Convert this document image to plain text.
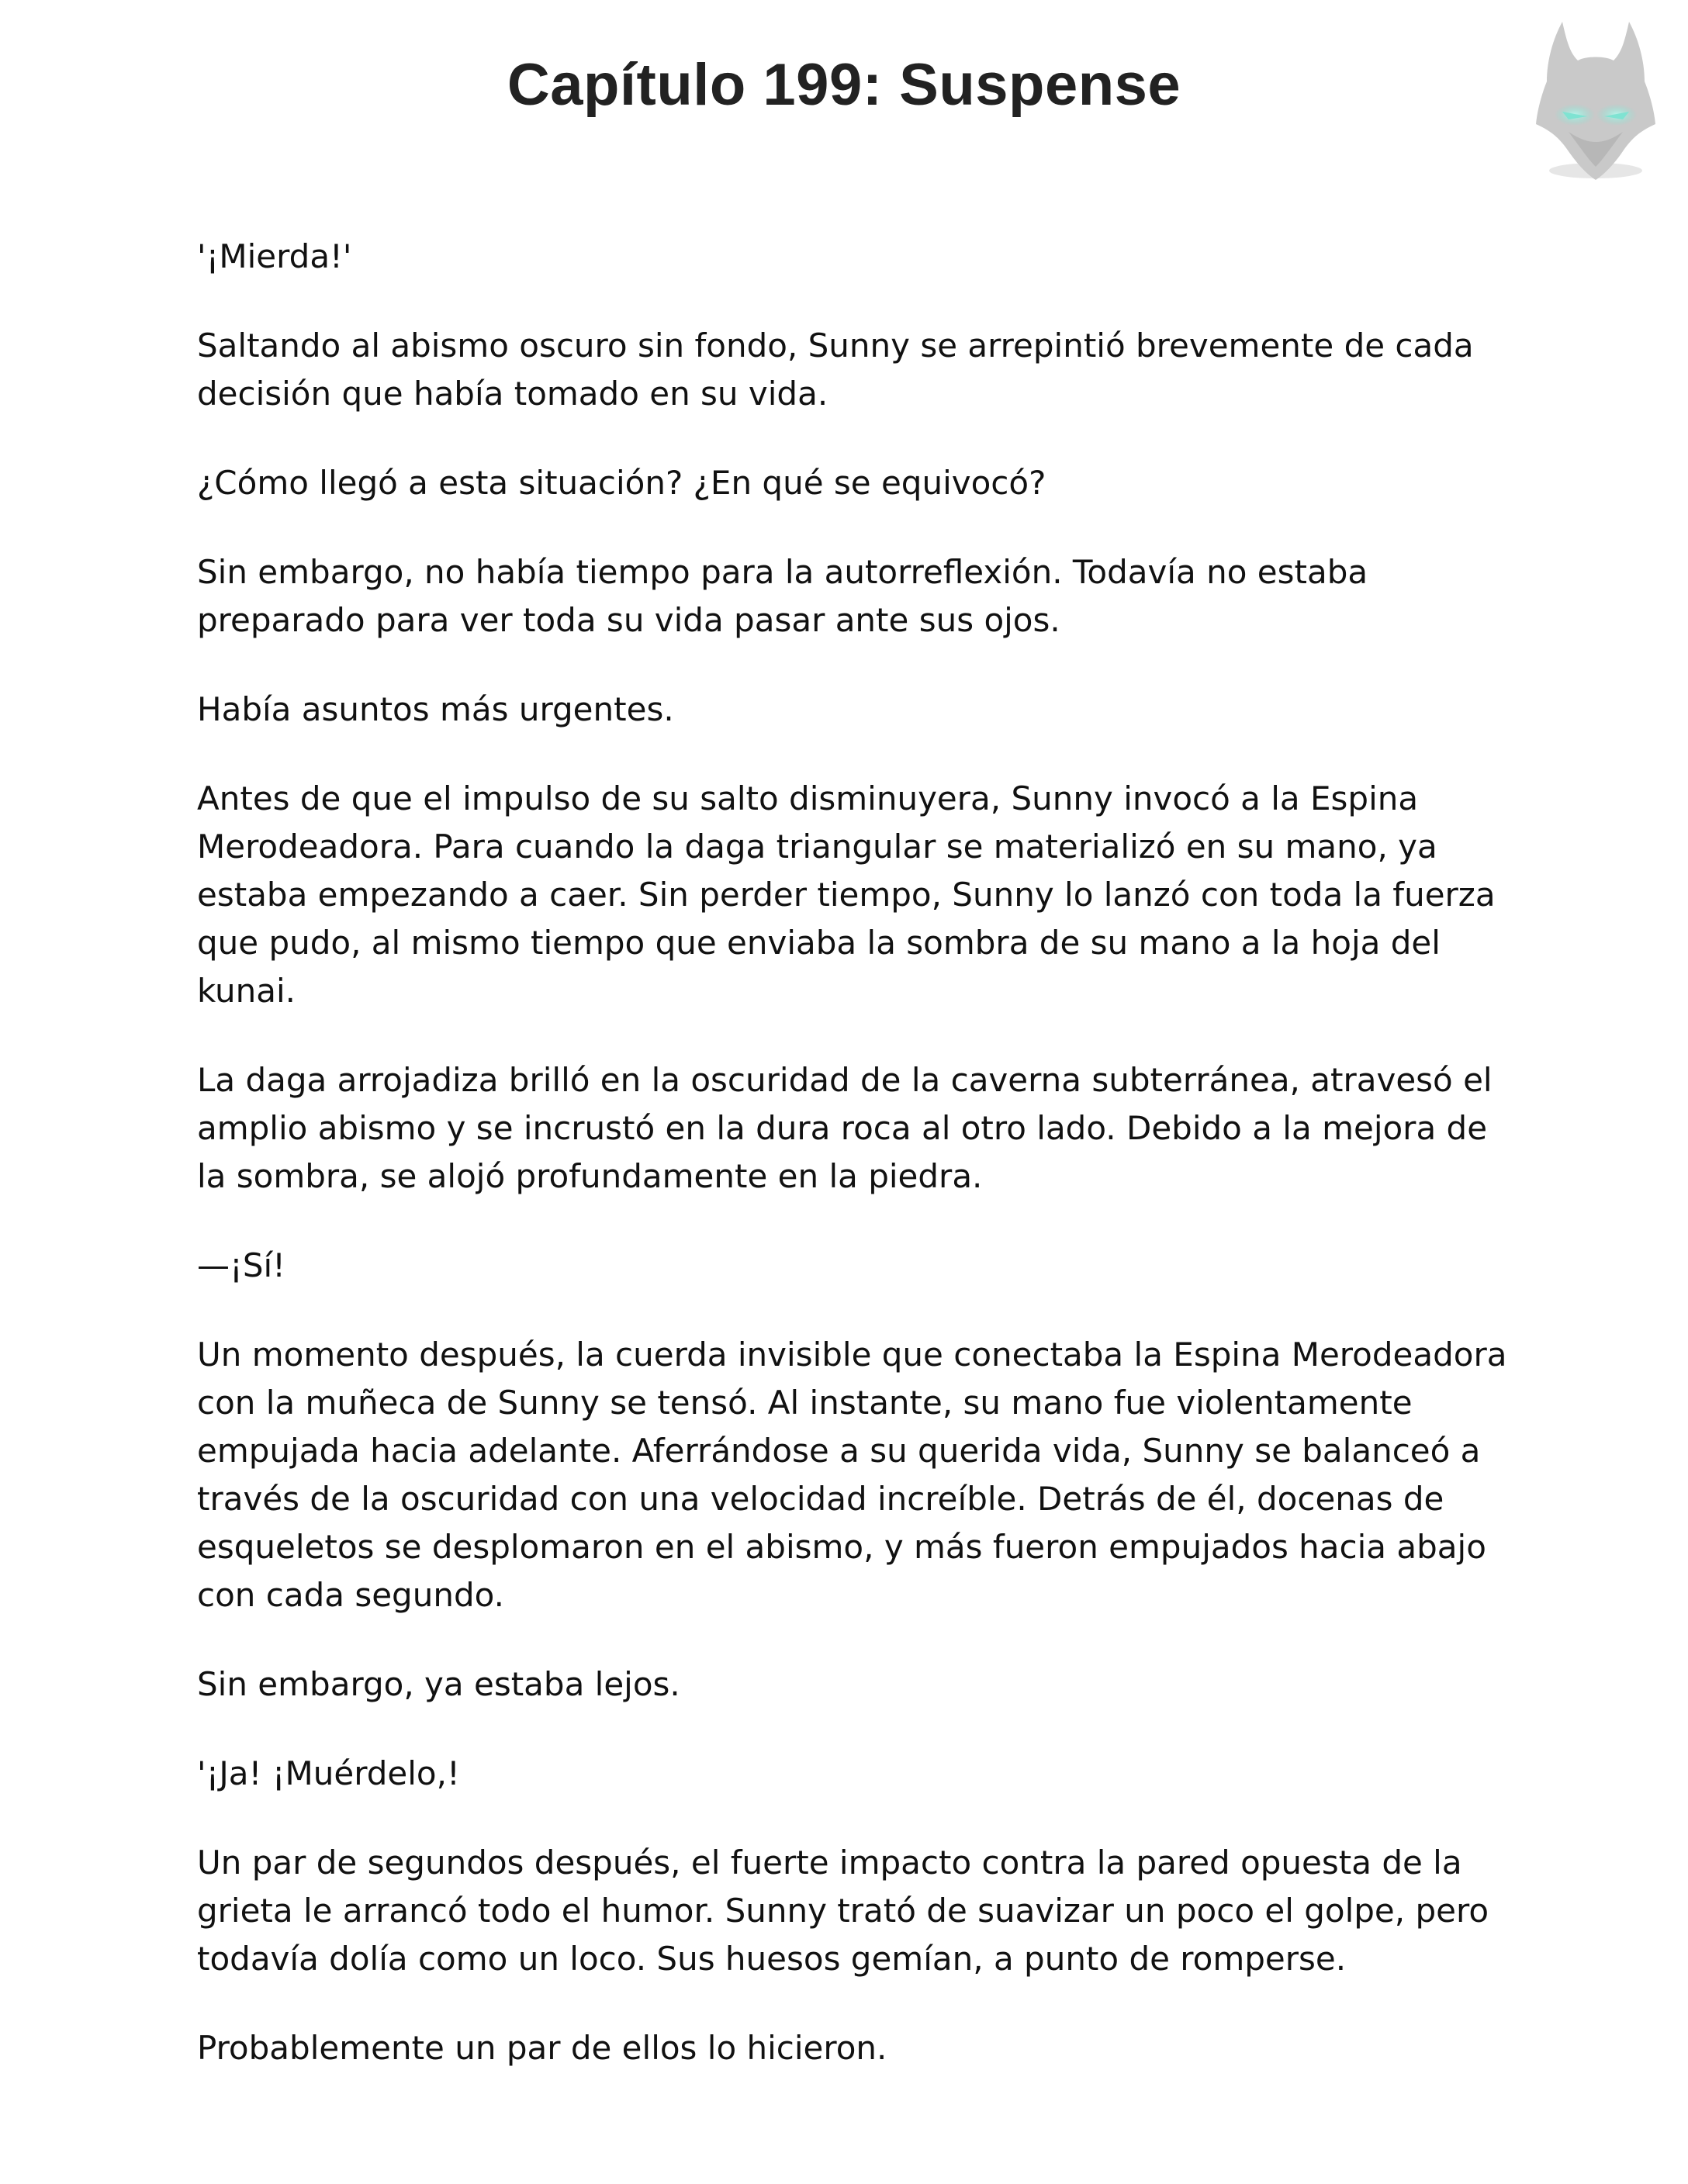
Capítulo 199: Suspense

'¡Mierda!'

Saltando al abismo oscuro sin fondo, Sunny se arrepintió brevemente de cada decisión que había tomado en su vida.

¿Cómo llegó a esta situación? ¿En qué se equivocó?

Sin embargo, no había tiempo para la autorreflexión. Todavía no estaba preparado para ver toda su vida pasar ante sus ojos.

Había asuntos más urgentes.

Antes de que el impulso de su salto disminuyera, Sunny invocó a la Espina Merodeadora. Para cuando la daga triangular se materializó en su mano, ya estaba empezando a caer. Sin perder tiempo, Sunny lo lanzó con toda la fuerza que pudo, al mismo tiempo que enviaba la sombra de su mano a la hoja del kunai.

La daga arrojadiza brilló en la oscuridad de la caverna subterránea, atravesó el amplio abismo y se incrustó en la dura roca al otro lado. Debido a la mejora de la sombra, se alojó profundamente en la piedra.

—¡Sí!

Un momento después, la cuerda invisible que conectaba la Espina Merodeadora con la muñeca de Sunny se tensó. Al instante, su mano fue violentamente empujada hacia adelante. Aferrándose a su querida vida, Sunny se balanceó a través de la oscuridad con una velocidad increíble. Detrás de él, docenas de esqueletos se desplomaron en el abismo, y más fueron empujados hacia abajo con cada segundo.

Sin embargo, ya estaba lejos.

'¡Ja! ¡Muérdelo,!

Un par de segundos después, el fuerte impacto contra la pared opuesta de la grieta le arrancó todo el humor. Sunny trató de suavizar un poco el golpe, pero todavía dolía como un loco. Sus huesos gemían, a punto de romperse.

Probablemente un par de ellos lo hicieron.
